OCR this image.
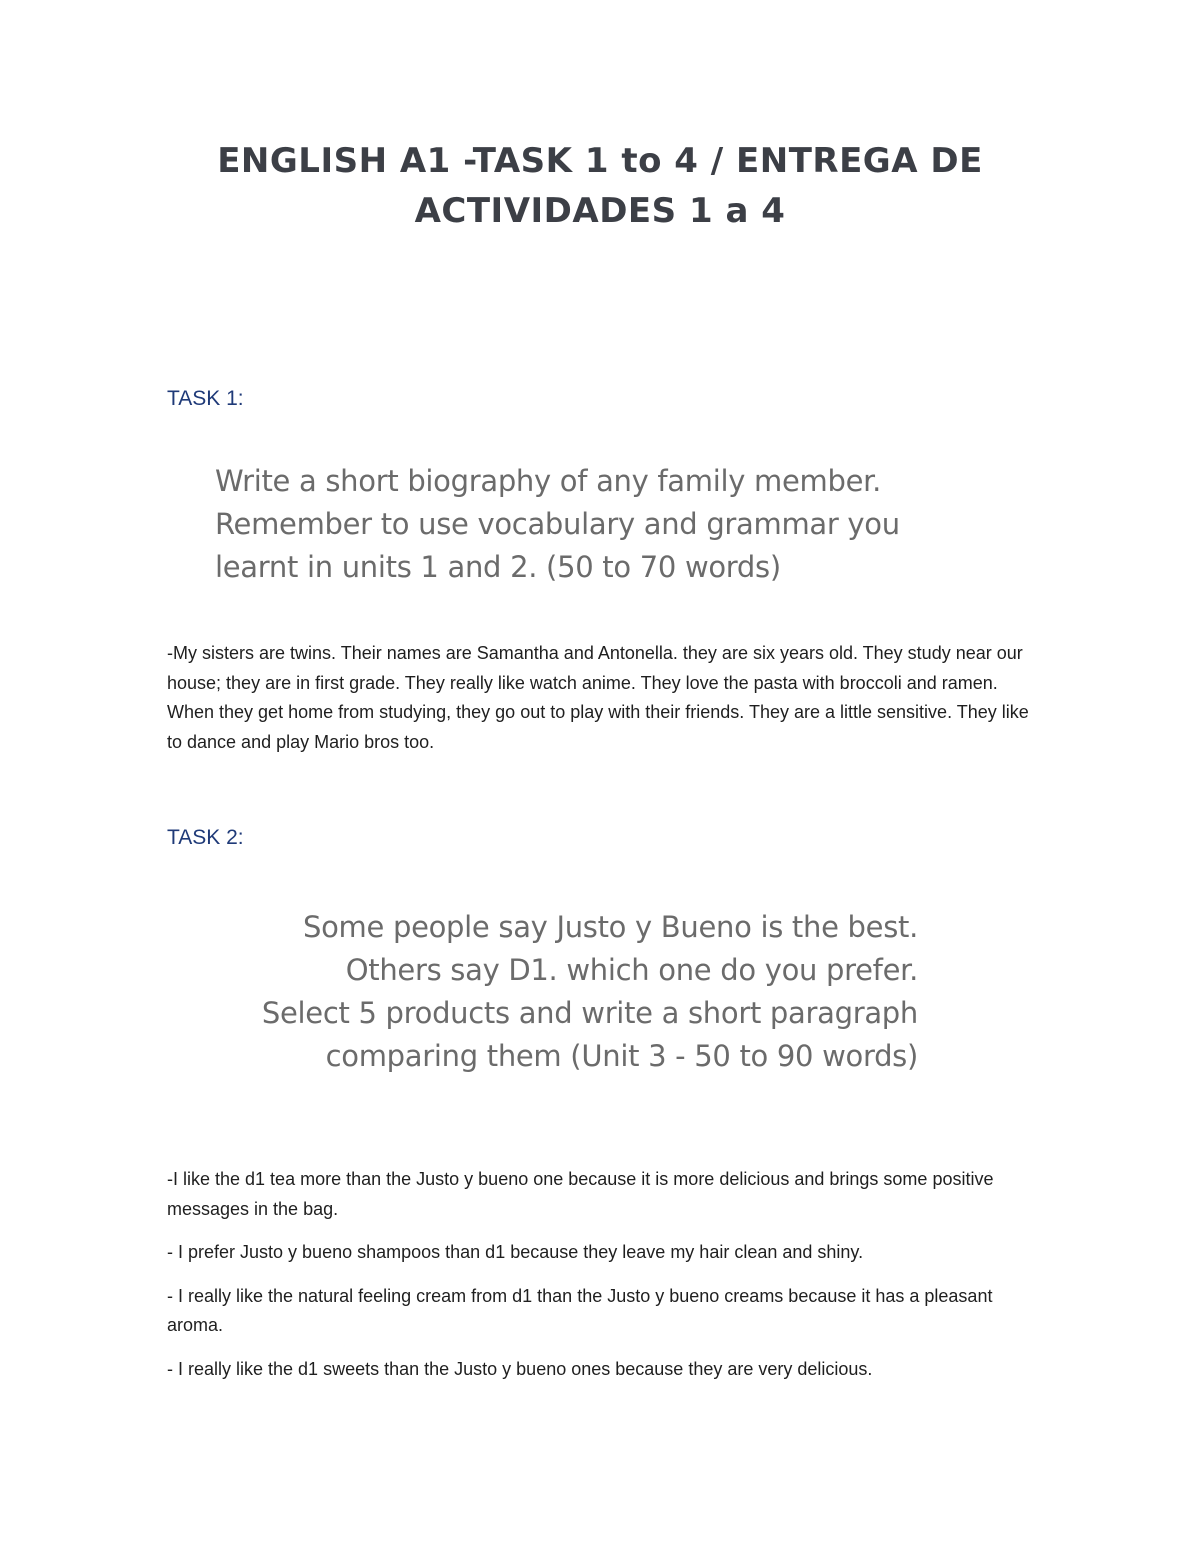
ENGLISH A1 -TASK 1 to 4 / ENTREGA DE
ACTIVIDADES 1 a 4
TASK 1:
Write a short biography of any family member.
Remember to use vocabulary and grammar you
learnt in units 1 and 2. (50 to 70 words)

-My sisters are twins. Their names are Samantha and Antonella. they are six years old. They study near our house; they are in first grade. They really like watch anime. They love the pasta with broccoli and ramen. When they get home from studying, they go out to play with their friends. They are a little sensitive. They like to dance and play Mario bros too.

TASK 2:
Some people say Justo y Bueno is the best.
Others say D1. which one do you prefer.
Select 5 products and write a short paragraph
comparing them (Unit 3 - 50 to 90 words)

-I like the d1 tea more than the Justo y bueno one because it is more delicious and brings some positive messages in the bag.

- I prefer Justo y bueno shampoos than d1 because they leave my hair clean and shiny.

- I really like the natural feeling cream from d1 than the Justo y bueno creams because it has a pleasant aroma.

- I really like the d1 sweets than the Justo y bueno ones because they are very delicious.
